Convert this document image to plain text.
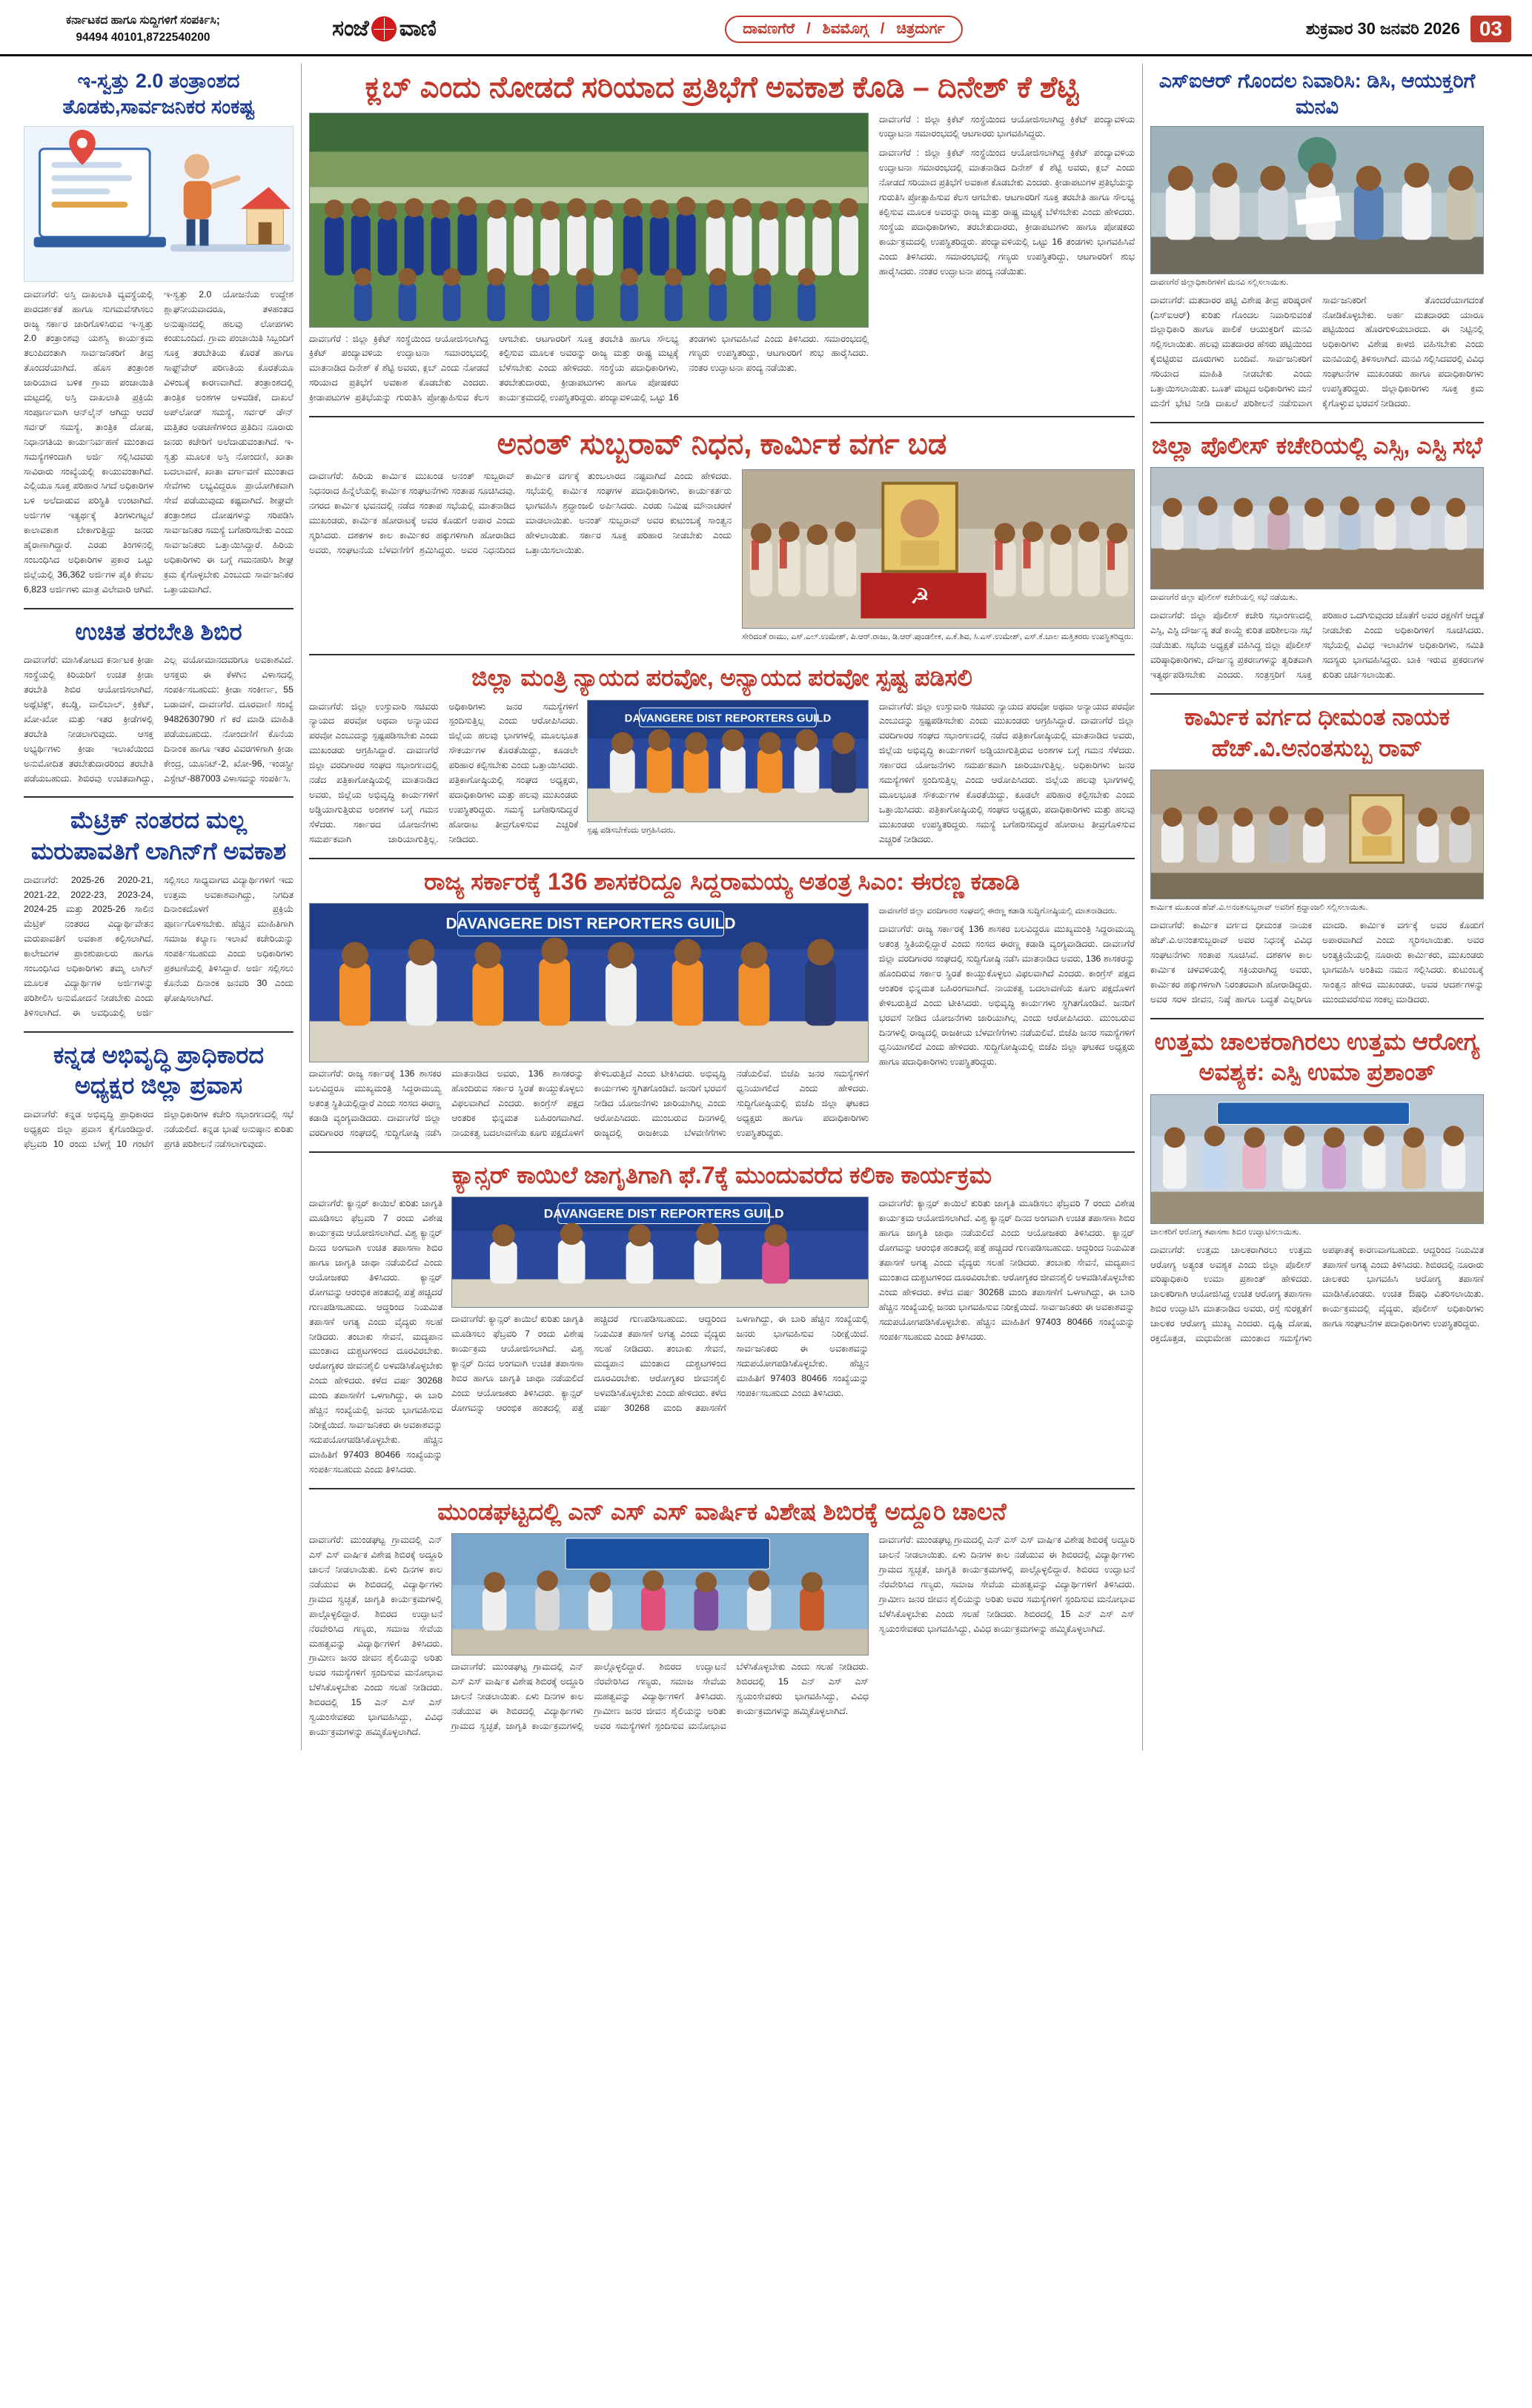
ಕರ್ನಾಟಕದ ಹಾಗೂ ಸುದ್ದಿಗಳಿಗೆ ಸಂಪರ್ಕಿಸಿ;
94494 40101,8722540200	ಸಂಜೆ ವಾಣಿ	ದಾವಣಗೆರೆ / ಶಿವಮೊಗ್ಗ / ಚಿತ್ರದುರ್ಗ	ಶುಕ್ರವಾರ 30 ಜನವರಿ 2026 03
ಇ-ಸ್ವತ್ತು 2.0 ತಂತ್ರಾಂಶದ ತೊಡಕು,ಸಾರ್ವಜನಿಕರ ಸಂಕಷ್ಟ
ದಾವಣಗೆರೆ: ಅಸ್ತಿ ದಾಖಲಾತಿ ವ್ಯವಸ್ಥೆಯಲ್ಲಿ ಪಾರದರ್ಶಕತೆ ಹಾಗೂ ಸುಗಮವೆಸಗಿಸಲು ರಾಜ್ಯ ಸರ್ಕಾರ ಜಾರಿಗೊಳಿಸಿರುವ ಇ-ಸ್ವತ್ತು 2.0 ತಂತ್ರಾಂಶವು ಯಶಸ್ವಿ ಕಾರ್ಯಕ್ರಮ ತಲುಪಿದಂತಾಗಿ ಸಾರ್ವಜನಿಕರಿಗೆ ತೀವ್ರ ತೊಂದರೆಯಾಗಿದೆ. ಹೊಸ ತಂತ್ರಾಂಶ ಜಾರಿಯಾದ ಬಳಿಕ ಗ್ರಾಮ ಪಂಚಾಯಿತಿ ಮಟ್ಟದಲ್ಲಿ ಅಸ್ತಿ ದಾಖಲಾತಿ ಪ್ರಕ್ರಿಯೆ ಸಂಪೂರ್ಣವಾಗಿ ಆನ್‌ಲೈನ್ ಆಗಿದ್ದು ಆದರೆ ಸರ್ವರ್ ಸಮಸ್ಯೆ, ತಾಂತ್ರಿಕ ದೋಷ, ನಿಧಾನಗತಿಯ ಕಾರ್ಯನಿರ್ವಹಣೆ ಮುಂತಾದ ಸಮಸ್ಯೆಗಳಿಂದಾಗಿ ಅರ್ಜಿ ಸಲ್ಲಿಸಿದವರು ಸಾವಿರಾರು ಸಂಖ್ಯೆಯಲ್ಲಿ ಕಾಯುವಂತಾಗಿದೆ. ಎಲ್ಲಿಯೂ ಸೂಕ್ತ ಪರಿಹಾರ ಸಿಗದೆ ಅಧಿಕಾರಿಗಳ ಬಳಿ ಅಲೆದಾಡುವ ಪರಿಸ್ಥಿತಿ ಉಂಟಾಗಿದೆ. ಅರ್ಜಿಗಳ ಇತ್ಯರ್ಥಕ್ಕೆ ತಿಂಗಳುಗಟ್ಟಲೆ ಕಾಲಾವಕಾಶ ಬೇಕಾಗುತ್ತಿದ್ದು ಜನರು ಹೈರಾಣಾಗಿದ್ದಾರೆ. ಎರಡು ತಿಂಗಳಿನಲ್ಲಿ ಸಂಬಂಧಿಸಿದ ಅಧಿಕಾರಿಗಳ ಪ್ರಕಾರ ಒಟ್ಟು ಜಿಲ್ಲೆಯಲ್ಲಿ 36,362 ಅರ್ಜಿಗಳ ಪೈಕಿ ಕೇವಲ 6,823 ಅರ್ಜಿಗಳು ಮಾತ್ರ ವಿಲೇವಾರಿ ಆಗಿವೆ. ಇ-ಸ್ವತ್ತು 2.0 ಯೋಜನೆಯ ಉದ್ದೇಶ ಶ್ಲಾಘನೀಯವಾದರೂ, ತಳಹಂತದ ಅನುಷ್ಠಾನದಲ್ಲಿ ಹಲವು ಲೋಪಗಳು ಕಂಡುಬಂದಿದೆ. ಗ್ರಾಮ ಪಂಚಾಯಿತಿ ಸಿಬ್ಬಂದಿಗೆ ಸೂಕ್ತ ತರಬೇತಿಯ ಕೊರತೆ ಹಾಗೂ ಸಾಫ್ಟ್‌ವೇರ್ ಪರಿಣತಿಯ ಕೊರತೆಯೂ ವಿಳಂಬಕ್ಕೆ ಕಾರಣವಾಗಿದೆ. ತಂತ್ರಾಂಶದಲ್ಲಿ ತಾಂತ್ರಿಕ ಅಂಶಗಳ ಅಳವಡಿಕೆ, ದಾಖಲೆ ಅಪ್‌ಲೋಡ್ ಸಮಸ್ಯೆ, ಸರ್ವರ್ ಡೌನ್ ಮತ್ತಿತರ ಅಡಚಣೆಗಳಿಂದ ಪ್ರತಿದಿನ ನೂರಾರು ಜನರು ಕಚೇರಿಗೆ ಅಲೆದಾಡುವಂತಾಗಿದೆ. ಇ-ಸ್ವತ್ತು ಮೂಲಕ ಅಸ್ತಿ ನೋಂದಣಿ, ಖಾತಾ ಬದಲಾವಣೆ, ಖಾತಾ ವರ್ಗಾವಣೆ ಮುಂತಾದ ಸೇವೆಗಳು ಲಭ್ಯವಿದ್ದರೂ ಪ್ರಾಯೋಗಿಕವಾಗಿ ಸೇವೆ ಪಡೆಯುವುದು ಕಷ್ಟವಾಗಿದೆ. ಶೀಘ್ರವೇ ತಂತ್ರಾಂಶದ ದೋಷಗಳನ್ನು ಸರಿಪಡಿಸಿ ಸಾರ್ವಜನಿಕರ ಸಮಸ್ಯೆ ಬಗೆಹರಿಸಬೇಕು ಎಂದು ಸಾರ್ವಜನಿಕರು ಒತ್ತಾಯಿಸಿದ್ದಾರೆ. ಹಿರಿಯ ಅಧಿಕಾರಿಗಳು ಈ ಬಗ್ಗೆ ಗಮನಹರಿಸಿ ಶೀಘ್ರ ಕ್ರಮ ಕೈಗೊಳ್ಳಬೇಕು ಎಂಬುದು ಸಾರ್ವಜನಿಕರ ಒತ್ತಾಯವಾಗಿದೆ.
ಉಚಿತ ತರಬೇತಿ ಶಿಬಿರ
ದಾವಣಗೆರೆ: ಮಾಸಿಕೋಟದ ಕರ್ನಾಟಕ ಕ್ರೀಡಾ ಸಂಸ್ಥೆಯಲ್ಲಿ ಕಿರಿಯರಿಗೆ ಉಚಿತ ಕ್ರೀಡಾ ತರಬೇತಿ ಶಿಬಿರ ಆಯೋಜಿಸಲಾಗಿದೆ. ಅಥ್ಲೆಟಿಕ್ಸ್, ಕಬಡ್ಡಿ, ವಾಲಿಬಾಲ್, ಕ್ರಿಕೆಟ್, ಖೋ-ಖೋ ಮತ್ತು ಇತರ ಕ್ರೀಡೆಗಳಲ್ಲಿ ತರಬೇತಿ ನೀಡಲಾಗುವುದು. ಆಸಕ್ತ ಅಭ್ಯರ್ಥಿಗಳು ಕ್ರೀಡಾ ಇಲಾಖೆಯಿಂದ ಅನುಮೋದಿತ ತರಬೇತುದಾರರಿಂದ ತರಬೇತಿ ಪಡೆಯಬಹುದು. ಶಿಬಿರವು ಉಚಿತವಾಗಿದ್ದು, ಎಲ್ಲ ವಯೋಮಾನದವರಿಗೂ ಅವಕಾಶವಿದೆ. ಆಸಕ್ತರು ಈ ಕೆಳಗಿನ ವಿಳಾಸದಲ್ಲಿ ಸಂಪರ್ಕಿಸಬಹುದು: ಕ್ರೀಡಾ ಸಂಕೀರ್ಣ, 55 ಬಡಾವಣೆ, ದಾವಣಗೆರೆ. ದೂರವಾಣಿ ಸಂಖ್ಯೆ 9482630790 ಗೆ ಕರೆ ಮಾಡಿ ಮಾಹಿತಿ ಪಡೆಯಬಹುದು. ನೋಂದಣಿಗೆ ಕೊನೆಯ ದಿನಾಂಕ ಹಾಗೂ ಇತರ ವಿವರಗಳಿಗಾಗಿ ಕ್ರೀಡಾ ಕೇಂದ್ರ, ಯೂನಿಟ್-2, ಖೋ-96, ಇಂಡಸ್ಟ್ರೀ ಎಸ್ಟೇಟ್-887003 ವಿಳಾಸವನ್ನು ಸಂಪರ್ಕಿಸಿ.
ಮೆಟ್ರಿಕ್ ನಂತರದ ಮಲ್ಲ ಮರುಪಾವತಿಗೆ ಲಾಗಿನ್‌ಗೆ ಅವಕಾಶ
ದಾವಣಗೆರೆ: 2025-26 2020-21, 2021-22, 2022-23, 2023-24, 2024-25 ಮತ್ತು 2025-26 ಸಾಲಿನ ಮೆಟ್ರಿಕ್ ನಂತರದ ವಿದ್ಯಾರ್ಥಿವೇತನ ಮರುಪಾವತಿಗೆ ಅವಕಾಶ ಕಲ್ಪಿಸಲಾಗಿದೆ. ಕಾಲೇಜುಗಳ ಪ್ರಾಂಶುಪಾಲರು ಹಾಗೂ ಸಂಬಂಧಿಸಿದ ಅಧಿಕಾರಿಗಳು ತಮ್ಮ ಲಾಗಿನ್ ಮೂಲಕ ವಿದ್ಯಾರ್ಥಿಗಳ ಅರ್ಜಿಗಳನ್ನು ಪರಿಶೀಲಿಸಿ ಅನುಮೋದನೆ ನೀಡಬೇಕು ಎಂದು ತಿಳಿಸಲಾಗಿದೆ. ಈ ಅವಧಿಯಲ್ಲಿ ಅರ್ಜಿ ಸಲ್ಲಿಸಲು ಸಾಧ್ಯವಾಗದ ವಿದ್ಯಾರ್ಥಿಗಳಿಗೆ ಇದು ಉತ್ತಮ ಅವಕಾಶವಾಗಿದ್ದು, ನಿಗದಿತ ದಿನಾಂಕದೊಳಗೆ ಪ್ರಕ್ರಿಯೆ ಪೂರ್ಣಗೊಳಿಸಬೇಕು. ಹೆಚ್ಚಿನ ಮಾಹಿತಿಗಾಗಿ ಸಮಾಜ ಕಲ್ಯಾಣ ಇಲಾಖೆ ಕಚೇರಿಯನ್ನು ಸಂಪರ್ಕಿಸಬಹುದು ಎಂದು ಅಧಿಕಾರಿಗಳು ಪ್ರಕಟಣೆಯಲ್ಲಿ ತಿಳಿಸಿದ್ದಾರೆ. ಅರ್ಜಿ ಸಲ್ಲಿಸಲು ಕೊನೆಯ ದಿನಾಂಕ ಜನವರಿ 30 ಎಂದು ಘೋಷಿಸಲಾಗಿದೆ.
ಕನ್ನಡ ಅಭಿವೃದ್ಧಿ ಪ್ರಾಧಿಕಾರದ ಅಧ್ಯಕ್ಷರ ಜಿಲ್ಲಾ ಪ್ರವಾಸ
ದಾವಣಗೆರೆ: ಕನ್ನಡ ಅಭಿವೃದ್ಧಿ ಪ್ರಾಧಿಕಾರದ ಅಧ್ಯಕ್ಷರು ಜಿಲ್ಲಾ ಪ್ರವಾಸ ಕೈಗೊಂಡಿದ್ದಾರೆ. ಫೆಬ್ರವರಿ 10 ರಂದು ಬೆಳಗ್ಗೆ 10 ಗಂಟೆಗೆ ಜಿಲ್ಲಾಧಿಕಾರಿಗಳ ಕಚೇರಿ ಸಭಾಂಗಣದಲ್ಲಿ ಸಭೆ ನಡೆಯಲಿದೆ. ಕನ್ನಡ ಭಾಷೆ ಅನುಷ್ಠಾನ ಕುರಿತು ಪ್ರಗತಿ ಪರಿಶೀಲನೆ ನಡೆಸಲಾಗುವುದು.
ಕ್ಲಬ್ ಎಂದು ನೋಡದೆ ಸರಿಯಾದ ಪ್ರತಿಭೆಗೆ ಅವಕಾಶ ಕೊಡಿ – ದಿನೇಶ್ ಕೆ ಶೆಟ್ಟಿ
ದಾವಣಗೆರೆ : ಜಿಲ್ಲಾ ಕ್ರಿಕೆಟ್ ಸಂಸ್ಥೆಯಿಂದ ಆಯೋಜಿಸಲಾಗಿದ್ದ ಕ್ರಿಕೆಟ್ ಪಂದ್ಯಾವಳಿಯ ಉದ್ಘಾಟನಾ ಸಮಾರಂಭದಲ್ಲಿ ಮಾತನಾಡಿದ ದಿನೇಶ್ ಕೆ ಶೆಟ್ಟಿ ಅವರು, ಕ್ಲಬ್ ಎಂದು ನೋಡದೆ ಸರಿಯಾದ ಪ್ರತಿಭೆಗೆ ಅವಕಾಶ ಕೊಡಬೇಕು ಎಂದರು. ಕ್ರೀಡಾಪಟುಗಳ ಪ್ರತಿಭೆಯನ್ನು ಗುರುತಿಸಿ ಪ್ರೋತ್ಸಾಹಿಸುವ ಕೆಲಸ ಆಗಬೇಕು. ಆಟಗಾರರಿಗೆ ಸೂಕ್ತ ತರಬೇತಿ ಹಾಗೂ ಸೌಲಭ್ಯ ಕಲ್ಪಿಸುವ ಮೂಲಕ ಅವರನ್ನು ರಾಜ್ಯ ಮತ್ತು ರಾಷ್ಟ್ರ ಮಟ್ಟಕ್ಕೆ ಬೆಳೆಸಬೇಕು ಎಂದು ಹೇಳಿದರು. ಸಂಸ್ಥೆಯ ಪದಾಧಿಕಾರಿಗಳು, ತರಬೇತುದಾರರು, ಕ್ರೀಡಾಪಟುಗಳು ಹಾಗೂ ಪೋಷಕರು ಕಾರ್ಯಕ್ರಮದಲ್ಲಿ ಉಪಸ್ಥಿತರಿದ್ದರು. ಪಂದ್ಯಾವಳಿಯಲ್ಲಿ ಒಟ್ಟು 16 ತಂಡಗಳು ಭಾಗವಹಿಸಿವೆ ಎಂದು ತಿಳಿಸಿದರು. ಸಮಾರಂಭದಲ್ಲಿ ಗಣ್ಯರು ಉಪಸ್ಥಿತರಿದ್ದು, ಆಟಗಾರರಿಗೆ ಶುಭ ಹಾರೈಸಿದರು. ನಂತರ ಉದ್ಘಾಟನಾ ಪಂದ್ಯ ನಡೆಯಿತು.
ದಾವಣಗೆರೆ : ಜಿಲ್ಲಾ ಕ್ರಿಕೆಟ್ ಸಂಸ್ಥೆಯಿಂದ ಆಯೋಜಿಸಲಾಗಿದ್ದ ಕ್ರಿಕೆಟ್ ಪಂದ್ಯಾವಳಿಯ ಉದ್ಘಾಟನಾ ಸಮಾರಂಭದಲ್ಲಿ ಆಟಗಾರರು ಭಾಗವಹಿಸಿದ್ದರು.
ದಾವಣಗೆರೆ : ಜಿಲ್ಲಾ ಕ್ರಿಕೆಟ್ ಸಂಸ್ಥೆಯಿಂದ ಆಯೋಜಿಸಲಾಗಿದ್ದ ಕ್ರಿಕೆಟ್ ಪಂದ್ಯಾವಳಿಯ ಉದ್ಘಾಟನಾ ಸಮಾರಂಭದಲ್ಲಿ ಮಾತನಾಡಿದ ದಿನೇಶ್ ಕೆ ಶೆಟ್ಟಿ ಅವರು, ಕ್ಲಬ್ ಎಂದು ನೋಡದೆ ಸರಿಯಾದ ಪ್ರತಿಭೆಗೆ ಅವಕಾಶ ಕೊಡಬೇಕು ಎಂದರು. ಕ್ರೀಡಾಪಟುಗಳ ಪ್ರತಿಭೆಯನ್ನು ಗುರುತಿಸಿ ಪ್ರೋತ್ಸಾಹಿಸುವ ಕೆಲಸ ಆಗಬೇಕು. ಆಟಗಾರರಿಗೆ ಸೂಕ್ತ ತರಬೇತಿ ಹಾಗೂ ಸೌಲಭ್ಯ ಕಲ್ಪಿಸುವ ಮೂಲಕ ಅವರನ್ನು ರಾಜ್ಯ ಮತ್ತು ರಾಷ್ಟ್ರ ಮಟ್ಟಕ್ಕೆ ಬೆಳೆಸಬೇಕು ಎಂದು ಹೇಳಿದರು. ಸಂಸ್ಥೆಯ ಪದಾಧಿಕಾರಿಗಳು, ತರಬೇತುದಾರರು, ಕ್ರೀಡಾಪಟುಗಳು ಹಾಗೂ ಪೋಷಕರು ಕಾರ್ಯಕ್ರಮದಲ್ಲಿ ಉಪಸ್ಥಿತರಿದ್ದರು. ಪಂದ್ಯಾವಳಿಯಲ್ಲಿ ಒಟ್ಟು 16 ತಂಡಗಳು ಭಾಗವಹಿಸಿವೆ ಎಂದು ತಿಳಿಸಿದರು. ಸಮಾರಂಭದಲ್ಲಿ ಗಣ್ಯರು ಉಪಸ್ಥಿತರಿದ್ದು, ಆಟಗಾರರಿಗೆ ಶುಭ ಹಾರೈಸಿದರು. ನಂತರ ಉದ್ಘಾಟನಾ ಪಂದ್ಯ ನಡೆಯಿತು.
ಅನಂತ್ ಸುಬ್ಬರಾವ್ ನಿಧನ, ಕಾರ್ಮಿಕ ವರ್ಗ ಬಡ
ದಾವಣಗೆರೆ: ಹಿರಿಯ ಕಾರ್ಮಿಕ ಮುಖಂಡ ಅನಂತ್ ಸುಬ್ಬರಾವ್ ನಿಧನರಾದ ಹಿನ್ನೆಲೆಯಲ್ಲಿ ಕಾರ್ಮಿಕ ಸಂಘಟನೆಗಳು ಸಂತಾಪ ಸೂಚಿಸಿದವು. ನಗರದ ಕಾರ್ಮಿಕ ಭವನದಲ್ಲಿ ನಡೆದ ಸಂತಾಪ ಸಭೆಯಲ್ಲಿ ಮಾತನಾಡಿದ ಮುಖಂಡರು, ಕಾರ್ಮಿಕ ಹೋರಾಟಕ್ಕೆ ಅವರ ಕೊಡುಗೆ ಅಪಾರ ಎಂದು ಸ್ಮರಿಸಿದರು. ದಶಕಗಳ ಕಾಲ ಕಾರ್ಮಿಕರ ಹಕ್ಕುಗಳಿಗಾಗಿ ಹೋರಾಡಿದ ಅವರು, ಸಂಘಟನೆಯ ಬೆಳವಣಿಗೆಗೆ ಶ್ರಮಿಸಿದ್ದರು. ಅವರ ನಿಧನದಿಂದ ಕಾರ್ಮಿಕ ವರ್ಗಕ್ಕೆ ತುಂಬಲಾರದ ನಷ್ಟವಾಗಿದೆ ಎಂದು ಹೇಳಿದರು. ಸಭೆಯಲ್ಲಿ ಕಾರ್ಮಿಕ ಸಂಘಗಳ ಪದಾಧಿಕಾರಿಗಳು, ಕಾರ್ಯಕರ್ತರು ಭಾಗವಹಿಸಿ ಶ್ರದ್ಧಾಂಜಲಿ ಅರ್ಪಿಸಿದರು. ಎರಡು ನಿಮಿಷ ಮೌನಾಚರಣೆ ಮಾಡಲಾಯಿತು. ಅನಂತ್ ಸುಬ್ಬರಾವ್ ಅವರ ಕುಟುಂಬಕ್ಕೆ ಸಾಂತ್ವನ ಹೇಳಲಾಯಿತು. ಸರ್ಕಾರ ಸೂಕ್ತ ಪರಿಹಾರ ನೀಡಬೇಕು ಎಂದು ಒತ್ತಾಯಿಸಲಾಯಿತು.
☭
ಸೇರಿದಂತೆ ರಾಮು, ಎಸ್.ಎಲ್.ಉಮೇಶ್, ಪಿ.ಆರ್.ರಾಜು, ಡಿ.ಆರ್.ಪುಂಡಲೀಕ, ಎ.ಕೆ.ಶಿವ, ಸಿ.ಎಸ್.ಉಮೇಶ್, ಎಸ್.ಕೆ.ಬಾಲ ಮತ್ತಿತರರು ಉಪಸ್ಥಿತರಿದ್ದರು.
ಜಿಲ್ಲಾ ಮಂತ್ರಿ ನ್ಯಾಯದ ಪರವೋ, ಅನ್ಯಾಯದ ಪರವೋ ಸ್ಪಷ್ಟ ಪಡಿಸಲಿ
ದಾವಣಗೆರೆ: ಜಿಲ್ಲಾ ಉಸ್ತುವಾರಿ ಸಚಿವರು ನ್ಯಾಯದ ಪರವೋ ಅಥವಾ ಅನ್ಯಾಯದ ಪರವೋ ಎಂಬುದನ್ನು ಸ್ಪಷ್ಟಪಡಿಸಬೇಕು ಎಂದು ಮುಖಂಡರು ಆಗ್ರಹಿಸಿದ್ದಾರೆ. ದಾವಣಗೆರೆ ಜಿಲ್ಲಾ ವರದಿಗಾರರ ಸಂಘದ ಸಭಾಂಗಣದಲ್ಲಿ ನಡೆದ ಪತ್ರಿಕಾಗೋಷ್ಠಿಯಲ್ಲಿ ಮಾತನಾಡಿದ ಅವರು, ಜಿಲ್ಲೆಯ ಅಭಿವೃದ್ಧಿ ಕಾರ್ಯಗಳಿಗೆ ಅಡ್ಡಿಯಾಗುತ್ತಿರುವ ಅಂಶಗಳ ಬಗ್ಗೆ ಗಮನ ಸೆಳೆದರು. ಸರ್ಕಾರದ ಯೋಜನೆಗಳು ಸಮರ್ಪಕವಾಗಿ ಜಾರಿಯಾಗುತ್ತಿಲ್ಲ. ಅಧಿಕಾರಿಗಳು ಜನರ ಸಮಸ್ಯೆಗಳಿಗೆ ಸ್ಪಂದಿಸುತ್ತಿಲ್ಲ ಎಂದು ಆರೋಪಿಸಿದರು. ಜಿಲ್ಲೆಯ ಹಲವು ಭಾಗಗಳಲ್ಲಿ ಮೂಲಭೂತ ಸೌಕರ್ಯಗಳ ಕೊರತೆಯಿದ್ದು, ಕೂಡಲೇ ಪರಿಹಾರ ಕಲ್ಪಿಸಬೇಕು ಎಂದು ಒತ್ತಾಯಿಸಿದರು. ಪತ್ರಿಕಾಗೋಷ್ಠಿಯಲ್ಲಿ ಸಂಘದ ಅಧ್ಯಕ್ಷರು, ಪದಾಧಿಕಾರಿಗಳು ಮತ್ತು ಹಲವು ಮುಖಂಡರು ಉಪಸ್ಥಿತರಿದ್ದರು. ಸಮಸ್ಯೆ ಬಗೆಹರಿಸದಿದ್ದರೆ ಹೋರಾಟ ತೀವ್ರಗೊಳಿಸುವ ಎಚ್ಚರಿಕೆ ನೀಡಿದರು.
DAVANGERE DIST REPORTERS GUILD
ಸ್ಪಷ್ಟ ಪಡಿಸಬೇಕೆಂದು ಆಗ್ರಹಿಸಿದರು.
ದಾವಣಗೆರೆ: ಜಿಲ್ಲಾ ಉಸ್ತುವಾರಿ ಸಚಿವರು ನ್ಯಾಯದ ಪರವೋ ಅಥವಾ ಅನ್ಯಾಯದ ಪರವೋ ಎಂಬುದನ್ನು ಸ್ಪಷ್ಟಪಡಿಸಬೇಕು ಎಂದು ಮುಖಂಡರು ಆಗ್ರಹಿಸಿದ್ದಾರೆ. ದಾವಣಗೆರೆ ಜಿಲ್ಲಾ ವರದಿಗಾರರ ಸಂಘದ ಸಭಾಂಗಣದಲ್ಲಿ ನಡೆದ ಪತ್ರಿಕಾಗೋಷ್ಠಿಯಲ್ಲಿ ಮಾತನಾಡಿದ ಅವರು, ಜಿಲ್ಲೆಯ ಅಭಿವೃದ್ಧಿ ಕಾರ್ಯಗಳಿಗೆ ಅಡ್ಡಿಯಾಗುತ್ತಿರುವ ಅಂಶಗಳ ಬಗ್ಗೆ ಗಮನ ಸೆಳೆದರು. ಸರ್ಕಾರದ ಯೋಜನೆಗಳು ಸಮರ್ಪಕವಾಗಿ ಜಾರಿಯಾಗುತ್ತಿಲ್ಲ. ಅಧಿಕಾರಿಗಳು ಜನರ ಸಮಸ್ಯೆಗಳಿಗೆ ಸ್ಪಂದಿಸುತ್ತಿಲ್ಲ ಎಂದು ಆರೋಪಿಸಿದರು. ಜಿಲ್ಲೆಯ ಹಲವು ಭಾಗಗಳಲ್ಲಿ ಮೂಲಭೂತ ಸೌಕರ್ಯಗಳ ಕೊರತೆಯಿದ್ದು, ಕೂಡಲೇ ಪರಿಹಾರ ಕಲ್ಪಿಸಬೇಕು ಎಂದು ಒತ್ತಾಯಿಸಿದರು. ಪತ್ರಿಕಾಗೋಷ್ಠಿಯಲ್ಲಿ ಸಂಘದ ಅಧ್ಯಕ್ಷರು, ಪದಾಧಿಕಾರಿಗಳು ಮತ್ತು ಹಲವು ಮುಖಂಡರು ಉಪಸ್ಥಿತರಿದ್ದರು. ಸಮಸ್ಯೆ ಬಗೆಹರಿಸದಿದ್ದರೆ ಹೋರಾಟ ತೀವ್ರಗೊಳಿಸುವ ಎಚ್ಚರಿಕೆ ನೀಡಿದರು.
ರಾಜ್ಯ ಸರ್ಕಾರಕ್ಕೆ 136 ಶಾಸಕರಿದ್ದೂ ಸಿದ್ದರಾಮಯ್ಯ ಅತಂತ್ರ ಸಿಎಂ: ಈರಣ್ಣ ಕಡಾಡಿ
DAVANGERE DIST REPORTERS GUILD
ದಾವಣಗೆರೆ: ರಾಜ್ಯ ಸರ್ಕಾರಕ್ಕೆ 136 ಶಾಸಕರ ಬಲವಿದ್ದರೂ ಮುಖ್ಯಮಂತ್ರಿ ಸಿದ್ದರಾಮಯ್ಯ ಅತಂತ್ರ ಸ್ಥಿತಿಯಲ್ಲಿದ್ದಾರೆ ಎಂದು ಸಂಸದ ಈರಣ್ಣ ಕಡಾಡಿ ವ್ಯಂಗ್ಯವಾಡಿದರು. ದಾವಣಗೆರೆ ಜಿಲ್ಲಾ ವರದಿಗಾರರ ಸಂಘದಲ್ಲಿ ಸುದ್ದಿಗೋಷ್ಠಿ ನಡೆಸಿ ಮಾತನಾಡಿದ ಅವರು, 136 ಶಾಸಕರನ್ನು ಹೊಂದಿರುವ ಸರ್ಕಾರ ಸ್ಥಿರತೆ ಕಾಯ್ದುಕೊಳ್ಳಲು ವಿಫಲವಾಗಿದೆ ಎಂದರು. ಕಾಂಗ್ರೆಸ್ ಪಕ್ಷದ ಆಂತರಿಕ ಭಿನ್ನಮತ ಬಹಿರಂಗವಾಗಿದೆ. ನಾಯಕತ್ವ ಬದಲಾವಣೆಯ ಕೂಗು ಪಕ್ಷದೊಳಗೆ ಕೇಳಿಬರುತ್ತಿದೆ ಎಂದು ಟೀಕಿಸಿದರು. ಅಭಿವೃದ್ಧಿ ಕಾರ್ಯಗಳು ಸ್ಥಗಿತಗೊಂಡಿವೆ. ಜನರಿಗೆ ಭರವಸೆ ನೀಡಿದ ಯೋಜನೆಗಳು ಜಾರಿಯಾಗಿಲ್ಲ ಎಂದು ಆರೋಪಿಸಿದರು. ಮುಂಬರುವ ದಿನಗಳಲ್ಲಿ ರಾಜ್ಯದಲ್ಲಿ ರಾಜಕೀಯ ಬೆಳವಣಿಗೆಗಳು ನಡೆಯಲಿವೆ. ಬಿಜೆಪಿ ಜನರ ಸಮಸ್ಯೆಗಳಿಗೆ ಧ್ವನಿಯಾಗಲಿದೆ ಎಂದು ಹೇಳಿದರು. ಸುದ್ದಿಗೋಷ್ಠಿಯಲ್ಲಿ ಬಿಜೆಪಿ ಜಿಲ್ಲಾ ಘಟಕದ ಅಧ್ಯಕ್ಷರು ಹಾಗೂ ಪದಾಧಿಕಾರಿಗಳು ಉಪಸ್ಥಿತರಿದ್ದರು.
ದಾವಣಗೆರೆ ಜಿಲ್ಲಾ ವರದಿಗಾರರ ಸಂಘದಲ್ಲಿ ಈರಣ್ಣ ಕಡಾಡಿ ಸುದ್ದಿಗೋಷ್ಠಿಯಲ್ಲಿ ಮಾತನಾಡಿದರು.
ದಾವಣಗೆರೆ: ರಾಜ್ಯ ಸರ್ಕಾರಕ್ಕೆ 136 ಶಾಸಕರ ಬಲವಿದ್ದರೂ ಮುಖ್ಯಮಂತ್ರಿ ಸಿದ್ದರಾಮಯ್ಯ ಅತಂತ್ರ ಸ್ಥಿತಿಯಲ್ಲಿದ್ದಾರೆ ಎಂದು ಸಂಸದ ಈರಣ್ಣ ಕಡಾಡಿ ವ್ಯಂಗ್ಯವಾಡಿದರು. ದಾವಣಗೆರೆ ಜಿಲ್ಲಾ ವರದಿಗಾರರ ಸಂಘದಲ್ಲಿ ಸುದ್ದಿಗೋಷ್ಠಿ ನಡೆಸಿ ಮಾತನಾಡಿದ ಅವರು, 136 ಶಾಸಕರನ್ನು ಹೊಂದಿರುವ ಸರ್ಕಾರ ಸ್ಥಿರತೆ ಕಾಯ್ದುಕೊಳ್ಳಲು ವಿಫಲವಾಗಿದೆ ಎಂದರು. ಕಾಂಗ್ರೆಸ್ ಪಕ್ಷದ ಆಂತರಿಕ ಭಿನ್ನಮತ ಬಹಿರಂಗವಾಗಿದೆ. ನಾಯಕತ್ವ ಬದಲಾವಣೆಯ ಕೂಗು ಪಕ್ಷದೊಳಗೆ ಕೇಳಿಬರುತ್ತಿದೆ ಎಂದು ಟೀಕಿಸಿದರು. ಅಭಿವೃದ್ಧಿ ಕಾರ್ಯಗಳು ಸ್ಥಗಿತಗೊಂಡಿವೆ. ಜನರಿಗೆ ಭರವಸೆ ನೀಡಿದ ಯೋಜನೆಗಳು ಜಾರಿಯಾಗಿಲ್ಲ ಎಂದು ಆರೋಪಿಸಿದರು. ಮುಂಬರುವ ದಿನಗಳಲ್ಲಿ ರಾಜ್ಯದಲ್ಲಿ ರಾಜಕೀಯ ಬೆಳವಣಿಗೆಗಳು ನಡೆಯಲಿವೆ. ಬಿಜೆಪಿ ಜನರ ಸಮಸ್ಯೆಗಳಿಗೆ ಧ್ವನಿಯಾಗಲಿದೆ ಎಂದು ಹೇಳಿದರು. ಸುದ್ದಿಗೋಷ್ಠಿಯಲ್ಲಿ ಬಿಜೆಪಿ ಜಿಲ್ಲಾ ಘಟಕದ ಅಧ್ಯಕ್ಷರು ಹಾಗೂ ಪದಾಧಿಕಾರಿಗಳು ಉಪಸ್ಥಿತರಿದ್ದರು.
ಕ್ಯಾನ್ಸರ್ ಕಾಯಿಲೆ ಜಾಗೃತಿಗಾಗಿ ಫೆ.7ಕ್ಕೆ ಮುಂದುವರೆದ ಕಲಿಕಾ ಕಾರ್ಯಕ್ರಮ
ದಾವಣಗೆರೆ: ಕ್ಯಾನ್ಸರ್ ಕಾಯಿಲೆ ಕುರಿತು ಜಾಗೃತಿ ಮೂಡಿಸಲು ಫೆಬ್ರವರಿ 7 ರಂದು ವಿಶೇಷ ಕಾರ್ಯಕ್ರಮ ಆಯೋಜಿಸಲಾಗಿದೆ. ವಿಶ್ವ ಕ್ಯಾನ್ಸರ್ ದಿನದ ಅಂಗವಾಗಿ ಉಚಿತ ತಪಾಸಣಾ ಶಿಬಿರ ಹಾಗೂ ಜಾಗೃತಿ ಜಾಥಾ ನಡೆಯಲಿದೆ ಎಂದು ಆಯೋಜಕರು ತಿಳಿಸಿದರು. ಕ್ಯಾನ್ಸರ್ ರೋಗವನ್ನು ಆರಂಭಿಕ ಹಂತದಲ್ಲಿ ಪತ್ತೆ ಹಚ್ಚಿದರೆ ಗುಣಪಡಿಸಬಹುದು. ಆದ್ದರಿಂದ ನಿಯಮಿತ ತಪಾಸಣೆ ಅಗತ್ಯ ಎಂದು ವೈದ್ಯರು ಸಲಹೆ ನೀಡಿದರು. ತಂಬಾಕು ಸೇವನೆ, ಮದ್ಯಪಾನ ಮುಂತಾದ ದುಶ್ಚಟಗಳಿಂದ ದೂರವಿರಬೇಕು. ಆರೋಗ್ಯಕರ ಜೀವನಶೈಲಿ ಅಳವಡಿಸಿಕೊಳ್ಳಬೇಕು ಎಂದು ಹೇಳಿದರು. ಕಳೆದ ವರ್ಷ 30268 ಮಂದಿ ತಪಾಸಣೆಗೆ ಒಳಗಾಗಿದ್ದು, ಈ ಬಾರಿ ಹೆಚ್ಚಿನ ಸಂಖ್ಯೆಯಲ್ಲಿ ಜನರು ಭಾಗವಹಿಸುವ ನಿರೀಕ್ಷೆಯಿದೆ. ಸಾರ್ವಜನಿಕರು ಈ ಅವಕಾಶವನ್ನು ಸದುಪಯೋಗಪಡಿಸಿಕೊಳ್ಳಬೇಕು. ಹೆಚ್ಚಿನ ಮಾಹಿತಿಗೆ 97403 80466 ಸಂಖ್ಯೆಯನ್ನು ಸಂಪರ್ಕಿಸಬಹುದು ಎಂದು ತಿಳಿಸಿದರು.
DAVANGERE DIST REPORTERS GUILD
ದಾವಣಗೆರೆ: ಕ್ಯಾನ್ಸರ್ ಕಾಯಿಲೆ ಕುರಿತು ಜಾಗೃತಿ ಮೂಡಿಸಲು ಫೆಬ್ರವರಿ 7 ರಂದು ವಿಶೇಷ ಕಾರ್ಯಕ್ರಮ ಆಯೋಜಿಸಲಾಗಿದೆ. ವಿಶ್ವ ಕ್ಯಾನ್ಸರ್ ದಿನದ ಅಂಗವಾಗಿ ಉಚಿತ ತಪಾಸಣಾ ಶಿಬಿರ ಹಾಗೂ ಜಾಗೃತಿ ಜಾಥಾ ನಡೆಯಲಿದೆ ಎಂದು ಆಯೋಜಕರು ತಿಳಿಸಿದರು. ಕ್ಯಾನ್ಸರ್ ರೋಗವನ್ನು ಆರಂಭಿಕ ಹಂತದಲ್ಲಿ ಪತ್ತೆ ಹಚ್ಚಿದರೆ ಗುಣಪಡಿಸಬಹುದು. ಆದ್ದರಿಂದ ನಿಯಮಿತ ತಪಾಸಣೆ ಅಗತ್ಯ ಎಂದು ವೈದ್ಯರು ಸಲಹೆ ನೀಡಿದರು. ತಂಬಾಕು ಸೇವನೆ, ಮದ್ಯಪಾನ ಮುಂತಾದ ದುಶ್ಚಟಗಳಿಂದ ದೂರವಿರಬೇಕು. ಆರೋಗ್ಯಕರ ಜೀವನಶೈಲಿ ಅಳವಡಿಸಿಕೊಳ್ಳಬೇಕು ಎಂದು ಹೇಳಿದರು. ಕಳೆದ ವರ್ಷ 30268 ಮಂದಿ ತಪಾಸಣೆಗೆ ಒಳಗಾಗಿದ್ದು, ಈ ಬಾರಿ ಹೆಚ್ಚಿನ ಸಂಖ್ಯೆಯಲ್ಲಿ ಜನರು ಭಾಗವಹಿಸುವ ನಿರೀಕ್ಷೆಯಿದೆ. ಸಾರ್ವಜನಿಕರು ಈ ಅವಕಾಶವನ್ನು ಸದುಪಯೋಗಪಡಿಸಿಕೊಳ್ಳಬೇಕು. ಹೆಚ್ಚಿನ ಮಾಹಿತಿಗೆ 97403 80466 ಸಂಖ್ಯೆಯನ್ನು ಸಂಪರ್ಕಿಸಬಹುದು ಎಂದು ತಿಳಿಸಿದರು.
ದಾವಣಗೆರೆ: ಕ್ಯಾನ್ಸರ್ ಕಾಯಿಲೆ ಕುರಿತು ಜಾಗೃತಿ ಮೂಡಿಸಲು ಫೆಬ್ರವರಿ 7 ರಂದು ವಿಶೇಷ ಕಾರ್ಯಕ್ರಮ ಆಯೋಜಿಸಲಾಗಿದೆ. ವಿಶ್ವ ಕ್ಯಾನ್ಸರ್ ದಿನದ ಅಂಗವಾಗಿ ಉಚಿತ ತಪಾಸಣಾ ಶಿಬಿರ ಹಾಗೂ ಜಾಗೃತಿ ಜಾಥಾ ನಡೆಯಲಿದೆ ಎಂದು ಆಯೋಜಕರು ತಿಳಿಸಿದರು. ಕ್ಯಾನ್ಸರ್ ರೋಗವನ್ನು ಆರಂಭಿಕ ಹಂತದಲ್ಲಿ ಪತ್ತೆ ಹಚ್ಚಿದರೆ ಗುಣಪಡಿಸಬಹುದು. ಆದ್ದರಿಂದ ನಿಯಮಿತ ತಪಾಸಣೆ ಅಗತ್ಯ ಎಂದು ವೈದ್ಯರು ಸಲಹೆ ನೀಡಿದರು. ತಂಬಾಕು ಸೇವನೆ, ಮದ್ಯಪಾನ ಮುಂತಾದ ದುಶ್ಚಟಗಳಿಂದ ದೂರವಿರಬೇಕು. ಆರೋಗ್ಯಕರ ಜೀವನಶೈಲಿ ಅಳವಡಿಸಿಕೊಳ್ಳಬೇಕು ಎಂದು ಹೇಳಿದರು. ಕಳೆದ ವರ್ಷ 30268 ಮಂದಿ ತಪಾಸಣೆಗೆ ಒಳಗಾಗಿದ್ದು, ಈ ಬಾರಿ ಹೆಚ್ಚಿನ ಸಂಖ್ಯೆಯಲ್ಲಿ ಜನರು ಭಾಗವಹಿಸುವ ನಿರೀಕ್ಷೆಯಿದೆ. ಸಾರ್ವಜನಿಕರು ಈ ಅವಕಾಶವನ್ನು ಸದುಪಯೋಗಪಡಿಸಿಕೊಳ್ಳಬೇಕು. ಹೆಚ್ಚಿನ ಮಾಹಿತಿಗೆ 97403 80466 ಸಂಖ್ಯೆಯನ್ನು ಸಂಪರ್ಕಿಸಬಹುದು ಎಂದು ತಿಳಿಸಿದರು.
ಮುಂಡಘಟ್ಟದಲ್ಲಿ ಎನ್ ಎಸ್ ಎಸ್ ವಾರ್ಷಿಕ ವಿಶೇಷ ಶಿಬಿರಕ್ಕೆ ಅದ್ದೂರಿ ಚಾಲನೆ
ದಾವಣಗೆರೆ: ಮುಂಡಘಟ್ಟ ಗ್ರಾಮದಲ್ಲಿ ಎನ್ ಎಸ್ ಎಸ್ ವಾರ್ಷಿಕ ವಿಶೇಷ ಶಿಬಿರಕ್ಕೆ ಅದ್ದೂರಿ ಚಾಲನೆ ನೀಡಲಾಯಿತು. ಏಳು ದಿನಗಳ ಕಾಲ ನಡೆಯುವ ಈ ಶಿಬಿರದಲ್ಲಿ ವಿದ್ಯಾರ್ಥಿಗಳು ಗ್ರಾಮದ ಸ್ವಚ್ಛತೆ, ಜಾಗೃತಿ ಕಾರ್ಯಕ್ರಮಗಳಲ್ಲಿ ಪಾಲ್ಗೊಳ್ಳಲಿದ್ದಾರೆ. ಶಿಬಿರದ ಉದ್ಘಾಟನೆ ನೆರವೇರಿಸಿದ ಗಣ್ಯರು, ಸಮಾಜ ಸೇವೆಯ ಮಹತ್ವವನ್ನು ವಿದ್ಯಾರ್ಥಿಗಳಿಗೆ ತಿಳಿಸಿದರು. ಗ್ರಾಮೀಣ ಜನರ ಜೀವನ ಶೈಲಿಯನ್ನು ಅರಿತು ಅವರ ಸಮಸ್ಯೆಗಳಿಗೆ ಸ್ಪಂದಿಸುವ ಮನೋಭಾವ ಬೆಳೆಸಿಕೊಳ್ಳಬೇಕು ಎಂದು ಸಲಹೆ ನೀಡಿದರು. ಶಿಬಿರದಲ್ಲಿ 15 ಎನ್ ಎಸ್ ಎಸ್ ಸ್ವಯಂಸೇವಕರು ಭಾಗವಹಿಸಿದ್ದು, ವಿವಿಧ ಕಾರ್ಯಕ್ರಮಗಳನ್ನು ಹಮ್ಮಿಕೊಳ್ಳಲಾಗಿದೆ.
ದಾವಣಗೆರೆ: ಮುಂಡಘಟ್ಟ ಗ್ರಾಮದಲ್ಲಿ ಎನ್ ಎಸ್ ಎಸ್ ವಾರ್ಷಿಕ ವಿಶೇಷ ಶಿಬಿರಕ್ಕೆ ಅದ್ದೂರಿ ಚಾಲನೆ ನೀಡಲಾಯಿತು. ಏಳು ದಿನಗಳ ಕಾಲ ನಡೆಯುವ ಈ ಶಿಬಿರದಲ್ಲಿ ವಿದ್ಯಾರ್ಥಿಗಳು ಗ್ರಾಮದ ಸ್ವಚ್ಛತೆ, ಜಾಗೃತಿ ಕಾರ್ಯಕ್ರಮಗಳಲ್ಲಿ ಪಾಲ್ಗೊಳ್ಳಲಿದ್ದಾರೆ. ಶಿಬಿರದ ಉದ್ಘಾಟನೆ ನೆರವೇರಿಸಿದ ಗಣ್ಯರು, ಸಮಾಜ ಸೇವೆಯ ಮಹತ್ವವನ್ನು ವಿದ್ಯಾರ್ಥಿಗಳಿಗೆ ತಿಳಿಸಿದರು. ಗ್ರಾಮೀಣ ಜನರ ಜೀವನ ಶೈಲಿಯನ್ನು ಅರಿತು ಅವರ ಸಮಸ್ಯೆಗಳಿಗೆ ಸ್ಪಂದಿಸುವ ಮನೋಭಾವ ಬೆಳೆಸಿಕೊಳ್ಳಬೇಕು ಎಂದು ಸಲಹೆ ನೀಡಿದರು. ಶಿಬಿರದಲ್ಲಿ 15 ಎನ್ ಎಸ್ ಎಸ್ ಸ್ವಯಂಸೇವಕರು ಭಾಗವಹಿಸಿದ್ದು, ವಿವಿಧ ಕಾರ್ಯಕ್ರಮಗಳನ್ನು ಹಮ್ಮಿಕೊಳ್ಳಲಾಗಿದೆ.
ದಾವಣಗೆರೆ: ಮುಂಡಘಟ್ಟ ಗ್ರಾಮದಲ್ಲಿ ಎನ್ ಎಸ್ ಎಸ್ ವಾರ್ಷಿಕ ವಿಶೇಷ ಶಿಬಿರಕ್ಕೆ ಅದ್ದೂರಿ ಚಾಲನೆ ನೀಡಲಾಯಿತು. ಏಳು ದಿನಗಳ ಕಾಲ ನಡೆಯುವ ಈ ಶಿಬಿರದಲ್ಲಿ ವಿದ್ಯಾರ್ಥಿಗಳು ಗ್ರಾಮದ ಸ್ವಚ್ಛತೆ, ಜಾಗೃತಿ ಕಾರ್ಯಕ್ರಮಗಳಲ್ಲಿ ಪಾಲ್ಗೊಳ್ಳಲಿದ್ದಾರೆ. ಶಿಬಿರದ ಉದ್ಘಾಟನೆ ನೆರವೇರಿಸಿದ ಗಣ್ಯರು, ಸಮಾಜ ಸೇವೆಯ ಮಹತ್ವವನ್ನು ವಿದ್ಯಾರ್ಥಿಗಳಿಗೆ ತಿಳಿಸಿದರು. ಗ್ರಾಮೀಣ ಜನರ ಜೀವನ ಶೈಲಿಯನ್ನು ಅರಿತು ಅವರ ಸಮಸ್ಯೆಗಳಿಗೆ ಸ್ಪಂದಿಸುವ ಮನೋಭಾವ ಬೆಳೆಸಿಕೊಳ್ಳಬೇಕು ಎಂದು ಸಲಹೆ ನೀಡಿದರು. ಶಿಬಿರದಲ್ಲಿ 15 ಎನ್ ಎಸ್ ಎಸ್ ಸ್ವಯಂಸೇವಕರು ಭಾಗವಹಿಸಿದ್ದು, ವಿವಿಧ ಕಾರ್ಯಕ್ರಮಗಳನ್ನು ಹಮ್ಮಿಕೊಳ್ಳಲಾಗಿದೆ.
ಎಸ್‌ಐಆರ್ ಗೊಂದಲ ನಿವಾರಿಸಿ: ಡಿಸಿ, ಆಯುಕ್ತರಿಗೆ ಮನವಿ
ದಾವಣಗೆರೆ ಜಿಲ್ಲಾಧಿಕಾರಿಗಳಿಗೆ ಮನವಿ ಸಲ್ಲಿಸಲಾಯಿತು.
ದಾವಣಗೆರೆ: ಮತದಾರರ ಪಟ್ಟಿ ವಿಶೇಷ ತೀವ್ರ ಪರಿಷ್ಕರಣೆ (ಎಸ್‌ಐಆರ್) ಕುರಿತು ಗೊಂದಲ ನಿವಾರಿಸುವಂತೆ ಜಿಲ್ಲಾಧಿಕಾರಿ ಹಾಗೂ ಪಾಲಿಕೆ ಆಯುಕ್ತರಿಗೆ ಮನವಿ ಸಲ್ಲಿಸಲಾಯಿತು. ಹಲವು ಮತದಾರರ ಹೆಸರು ಪಟ್ಟಿಯಿಂದ ಕೈಬಿಟ್ಟಿರುವ ದೂರುಗಳು ಬಂದಿವೆ. ಸಾರ್ವಜನಿಕರಿಗೆ ಸರಿಯಾದ ಮಾಹಿತಿ ನೀಡಬೇಕು ಎಂದು ಒತ್ತಾಯಿಸಲಾಯಿತು. ಬೂತ್ ಮಟ್ಟದ ಅಧಿಕಾರಿಗಳು ಮನೆ ಮನೆಗೆ ಭೇಟಿ ನೀಡಿ ದಾಖಲೆ ಪರಿಶೀಲನೆ ನಡೆಸುವಾಗ ಸಾರ್ವಜನಿಕರಿಗೆ ತೊಂದರೆಯಾಗದಂತೆ ನೋಡಿಕೊಳ್ಳಬೇಕು. ಅರ್ಹ ಮತದಾರರು ಯಾರೂ ಪಟ್ಟಿಯಿಂದ ಹೊರಗುಳಿಯಬಾರದು. ಈ ನಿಟ್ಟಿನಲ್ಲಿ ಅಧಿಕಾರಿಗಳು ವಿಶೇಷ ಕಾಳಜಿ ವಹಿಸಬೇಕು ಎಂದು ಮನವಿಯಲ್ಲಿ ತಿಳಿಸಲಾಗಿದೆ. ಮನವಿ ಸಲ್ಲಿಸಿದವರಲ್ಲಿ ವಿವಿಧ ಸಂಘಟನೆಗಳ ಮುಖಂಡರು ಹಾಗೂ ಪದಾಧಿಕಾರಿಗಳು ಉಪಸ್ಥಿತರಿದ್ದರು. ಜಿಲ್ಲಾಧಿಕಾರಿಗಳು ಸೂಕ್ತ ಕ್ರಮ ಕೈಗೊಳ್ಳುವ ಭರವಸೆ ನೀಡಿದರು.
ಜಿಲ್ಲಾ ಪೊಲೀಸ್ ಕಚೇರಿಯಲ್ಲಿ ಎಸ್ಸಿ, ಎಸ್ಟಿ ಸಭೆ
ದಾವಣಗೆರೆ ಜಿಲ್ಲಾ ಪೊಲೀಸ್ ಕಚೇರಿಯಲ್ಲಿ ಸಭೆ ನಡೆಯಿತು.
ದಾವಣಗೆರೆ: ಜಿಲ್ಲಾ ಪೊಲೀಸ್ ಕಚೇರಿ ಸಭಾಂಗಣದಲ್ಲಿ ಎಸ್ಸಿ, ಎಸ್ಟಿ ದೌರ್ಜನ್ಯ ತಡೆ ಕಾಯ್ದೆ ಕುರಿತ ಪರಿಶೀಲನಾ ಸಭೆ ನಡೆಯಿತು. ಸಭೆಯ ಅಧ್ಯಕ್ಷತೆ ವಹಿಸಿದ್ದ ಜಿಲ್ಲಾ ಪೊಲೀಸ್ ವರಿಷ್ಠಾಧಿಕಾರಿಗಳು, ದೌರ್ಜನ್ಯ ಪ್ರಕರಣಗಳನ್ನು ತ್ವರಿತವಾಗಿ ಇತ್ಯರ್ಥಪಡಿಸಬೇಕು ಎಂದರು. ಸಂತ್ರಸ್ತರಿಗೆ ಸೂಕ್ತ ಪರಿಹಾರ ಒದಗಿಸುವುದರ ಜೊತೆಗೆ ಅವರ ರಕ್ಷಣೆಗೆ ಆದ್ಯತೆ ನೀಡಬೇಕು ಎಂದು ಅಧಿಕಾರಿಗಳಿಗೆ ಸೂಚಿಸಿದರು. ಸಭೆಯಲ್ಲಿ ವಿವಿಧ ಇಲಾಖೆಗಳ ಅಧಿಕಾರಿಗಳು, ಸಮಿತಿ ಸದಸ್ಯರು ಭಾಗವಹಿಸಿದ್ದರು. ಬಾಕಿ ಇರುವ ಪ್ರಕರಣಗಳ ಕುರಿತು ಚರ್ಚಿಸಲಾಯಿತು.
ಕಾರ್ಮಿಕ ವರ್ಗದ ಧೀಮಂತ ನಾಯಕ ಹೆಚ್.ವಿ.ಅನಂತಸುಬ್ಬ ರಾವ್
ಕಾರ್ಮಿಕ ಮುಖಂಡ ಹೆಚ್.ವಿ.ಅನಂತಸುಬ್ಬರಾವ್ ಅವರಿಗೆ ಶ್ರದ್ಧಾಂಜಲಿ ಸಲ್ಲಿಸಲಾಯಿತು.
ದಾವಣಗೆರೆ: ಕಾರ್ಮಿಕ ವರ್ಗದ ಧೀಮಂತ ನಾಯಕ ಹೆಚ್.ವಿ.ಅನಂತಸುಬ್ಬರಾವ್ ಅವರ ನಿಧನಕ್ಕೆ ವಿವಿಧ ಸಂಘಟನೆಗಳು ಸಂತಾಪ ಸೂಚಿಸಿವೆ. ದಶಕಗಳ ಕಾಲ ಕಾರ್ಮಿಕ ಚಳವಳಿಯಲ್ಲಿ ಸಕ್ರಿಯರಾಗಿದ್ದ ಅವರು, ಕಾರ್ಮಿಕರ ಹಕ್ಕುಗಳಿಗಾಗಿ ನಿರಂತರವಾಗಿ ಹೋರಾಡಿದ್ದರು. ಅವರ ಸರಳ ಜೀವನ, ನಿಷ್ಠೆ ಹಾಗೂ ಬದ್ಧತೆ ಎಲ್ಲರಿಗೂ ಮಾದರಿ. ಕಾರ್ಮಿಕ ವರ್ಗಕ್ಕೆ ಅವರ ಕೊಡುಗೆ ಅಪಾರವಾಗಿದೆ ಎಂದು ಸ್ಮರಿಸಲಾಯಿತು. ಅವರ ಅಂತ್ಯಕ್ರಿಯೆಯಲ್ಲಿ ನೂರಾರು ಕಾರ್ಮಿಕರು, ಮುಖಂಡರು ಭಾಗವಹಿಸಿ ಅಂತಿಮ ನಮನ ಸಲ್ಲಿಸಿದರು. ಕುಟುಂಬಕ್ಕೆ ಸಾಂತ್ವನ ಹೇಳಿದ ಮುಖಂಡರು, ಅವರ ಆದರ್ಶಗಳನ್ನು ಮುಂದುವರೆಸುವ ಸಂಕಲ್ಪ ಮಾಡಿದರು.
ಉತ್ತಮ ಚಾಲಕರಾಗಿರಲು ಉತ್ತಮ ಆರೋಗ್ಯ ಅವಶ್ಯಕ: ಎಸ್ಪಿ ಉಮಾ ಪ್ರಶಾಂತ್
ಚಾಲಕರಿಗೆ ಆರೋಗ್ಯ ತಪಾಸಣಾ ಶಿಬಿರ ಉದ್ಘಾಟಿಸಲಾಯಿತು.
ದಾವಣಗೆರೆ: ಉತ್ತಮ ಚಾಲಕರಾಗಿರಲು ಉತ್ತಮ ಆರೋಗ್ಯ ಅತ್ಯಂತ ಅವಶ್ಯಕ ಎಂದು ಜಿಲ್ಲಾ ಪೊಲೀಸ್ ವರಿಷ್ಠಾಧಿಕಾರಿ ಉಮಾ ಪ್ರಶಾಂತ್ ಹೇಳಿದರು. ಚಾಲಕರಿಗಾಗಿ ಆಯೋಜಿಸಿದ್ದ ಉಚಿತ ಆರೋಗ್ಯ ತಪಾಸಣಾ ಶಿಬಿರ ಉದ್ಘಾಟಿಸಿ ಮಾತನಾಡಿದ ಅವರು, ರಸ್ತೆ ಸುರಕ್ಷತೆಗೆ ಚಾಲಕರ ಆರೋಗ್ಯ ಮುಖ್ಯ ಎಂದರು. ದೃಷ್ಟಿ ದೋಷ, ರಕ್ತದೊತ್ತಡ, ಮಧುಮೇಹ ಮುಂತಾದ ಸಮಸ್ಯೆಗಳು ಅಪಘಾತಕ್ಕೆ ಕಾರಣವಾಗಬಹುದು. ಆದ್ದರಿಂದ ನಿಯಮಿತ ತಪಾಸಣೆ ಅಗತ್ಯ ಎಂದು ತಿಳಿಸಿದರು. ಶಿಬಿರದಲ್ಲಿ ನೂರಾರು ಚಾಲಕರು ಭಾಗವಹಿಸಿ ಆರೋಗ್ಯ ತಪಾಸಣೆ ಮಾಡಿಸಿಕೊಂಡರು. ಉಚಿತ ಔಷಧಿ ವಿತರಿಸಲಾಯಿತು. ಕಾರ್ಯಕ್ರಮದಲ್ಲಿ ವೈದ್ಯರು, ಪೊಲೀಸ್ ಅಧಿಕಾರಿಗಳು ಹಾಗೂ ಸಂಘಟನೆಗಳ ಪದಾಧಿಕಾರಿಗಳು ಉಪಸ್ಥಿತರಿದ್ದರು.
